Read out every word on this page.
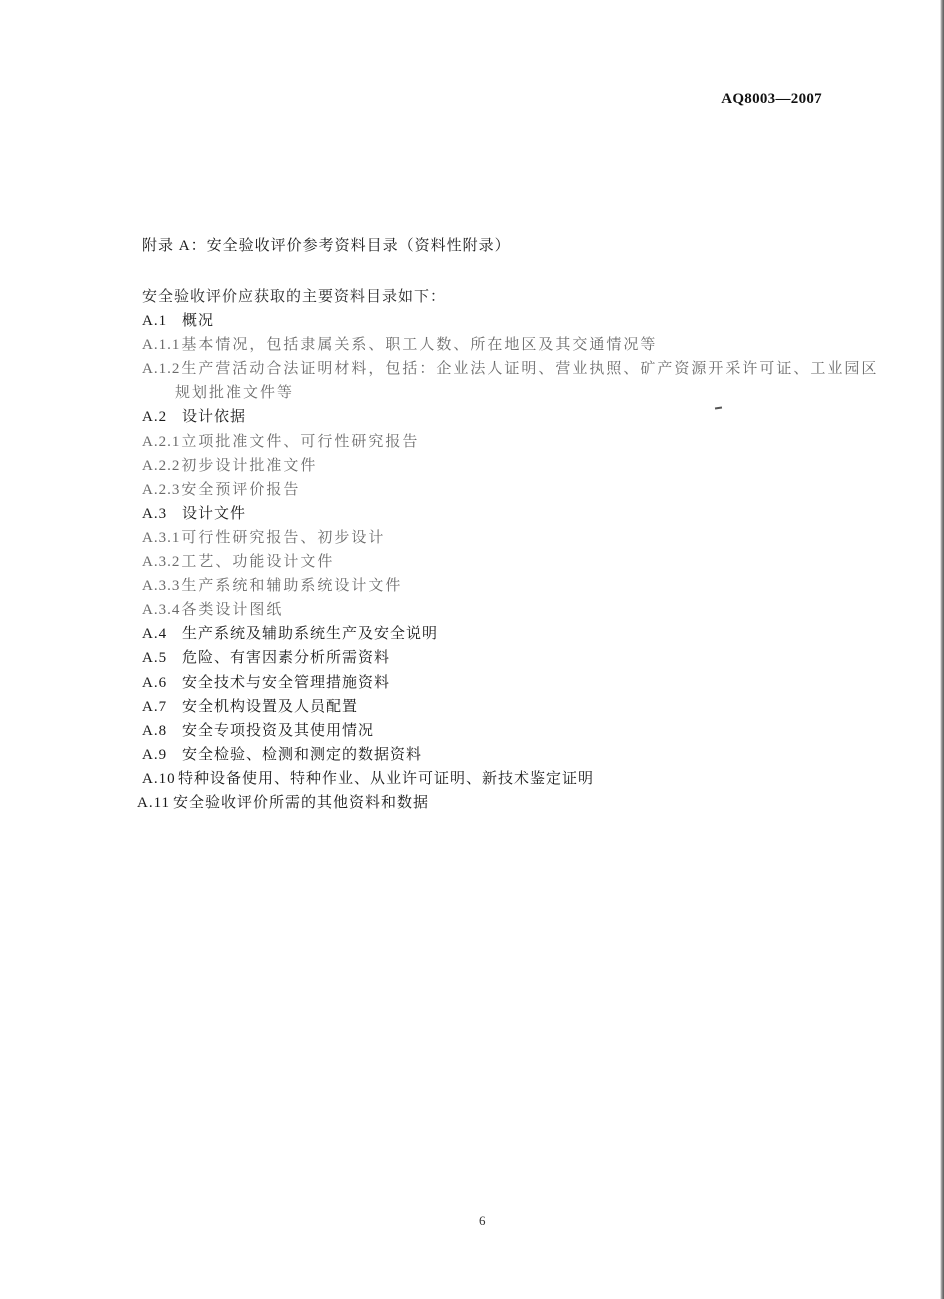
AQ8003—2007
附录 A：安全验收评价参考资料目录（资料性附录）
安全验收评价应获取的主要资料目录如下：
A.1 概况
A.1.1基本情况，包括隶属关系、职工人数、所在地区及其交通情况等
A.1.2生产营活动合法证明材料，包括：企业法人证明、营业执照、矿产资源开采许可证、工业园区
规划批准文件等
A.2 设计依据
A.2.1立项批准文件、可行性研究报告
A.2.2初步设计批准文件
A.2.3安全预评价报告
A.3 设计文件
A.3.1可行性研究报告、初步设计
A.3.2工艺、功能设计文件
A.3.3生产系统和辅助系统设计文件
A.3.4各类设计图纸
A.4 生产系统及辅助系统生产及安全说明
A.5 危险、有害因素分析所需资料
A.6 安全技术与安全管理措施资料
A.7 安全机构设置及人员配置
A.8 安全专项投资及其使用情况
A.9 安全检验、检测和测定的数据资料
A.10 特种设备使用、特种作业、从业许可证明、新技术鉴定证明
A.11 安全验收评价所需的其他资料和数据
6
